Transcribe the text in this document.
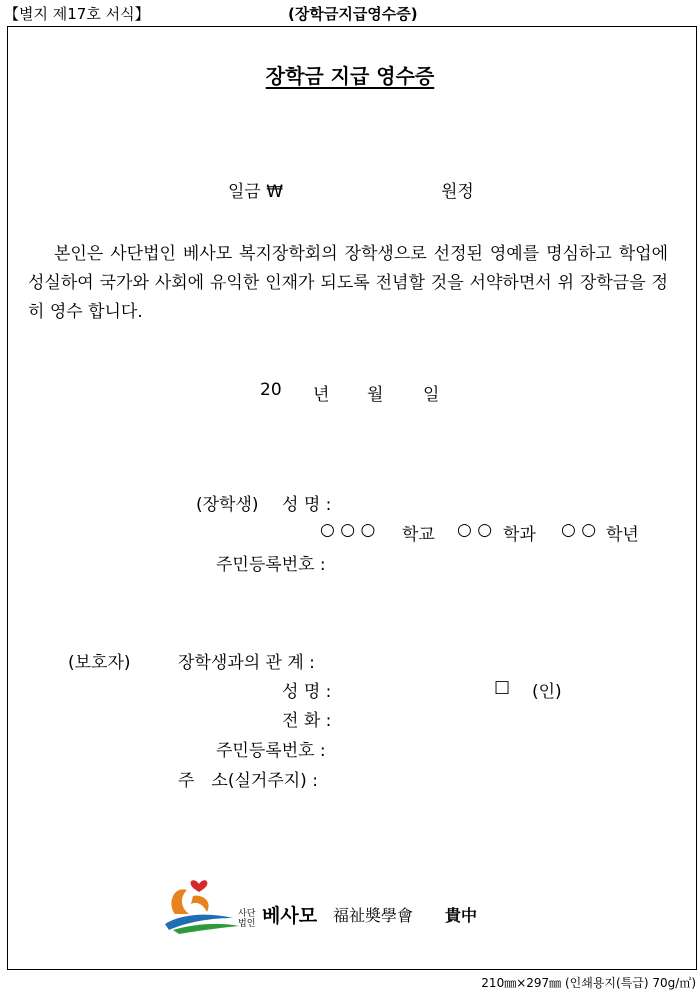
【별지 제17호 서식】	(장학금지급영수증)
장학금 지급 영수증
일금 ₩	원정
본인은 사단법인 베사모 복지장학회의 장학생으로 선정된 영예를 명심하고 학업에 성실하여 국가와 사회에 유익한 인재가 되도록 전념할 것을 서약하면서 위 장학금을 정히 영수 합니다.
20 년 월 일
(장학생) 성 명 :
○ ○ ○ 학교 ○ ○ 학과 ○ ○ 학년
주민등록번호 :
(보호자)	장학생과의 관 계 :
성 명 :	□ (인)
전 화 :
주민등록번호 :
주　소(실거주지) :
사단
법인 베사모 福祉奬學會 貴中
210㎜×297㎜ (인쇄용지(특급) 70g/㎡)
